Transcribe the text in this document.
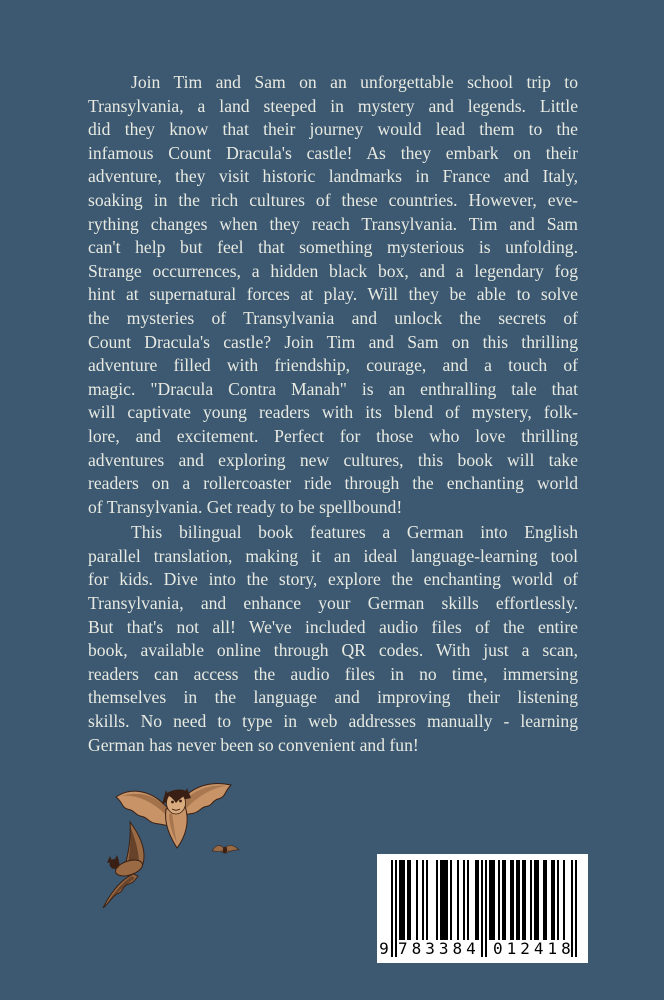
Join Tim and Sam on an unforgettable school trip to
Transylvania, a land steeped in mystery and legends. Little
did they know that their journey would lead them to the
infamous Count Dracula's castle! As they embark on their
adventure, they visit historic landmarks in France and Italy,
soaking in the rich cultures of these countries. However, eve-
rything changes when they reach Transylvania. Tim and Sam
can't help but feel that something mysterious is unfolding.
Strange occurrences, a hidden black box, and a legendary fog
hint at supernatural forces at play. Will they be able to solve
the mysteries of Transylvania and unlock the secrets of
Count Dracula's castle? Join Tim and Sam on this thrilling
adventure filled with friendship, courage, and a touch of
magic. "Dracula Contra Manah" is an enthralling tale that
will captivate young readers with its blend of mystery, folk-
lore, and excitement. Perfect for those who love thrilling
adventures and exploring new cultures, this book will take
readers on a rollercoaster ride through the enchanting world
of Transylvania. Get ready to be spellbound!
This bilingual book features a German into English
parallel translation, making it an ideal language-learning tool
for kids. Dive into the story, explore the enchanting world of
Transylvania, and enhance your German skills effortlessly.
But that's not all! We've included audio files of the entire
book, available online through QR codes. With just a scan,
readers can access the audio files in no time, immersing
themselves in the language and improving their listening
skills. No need to type in web addresses manually - learning
German has never been so convenient and fun!
9 783384 012418
